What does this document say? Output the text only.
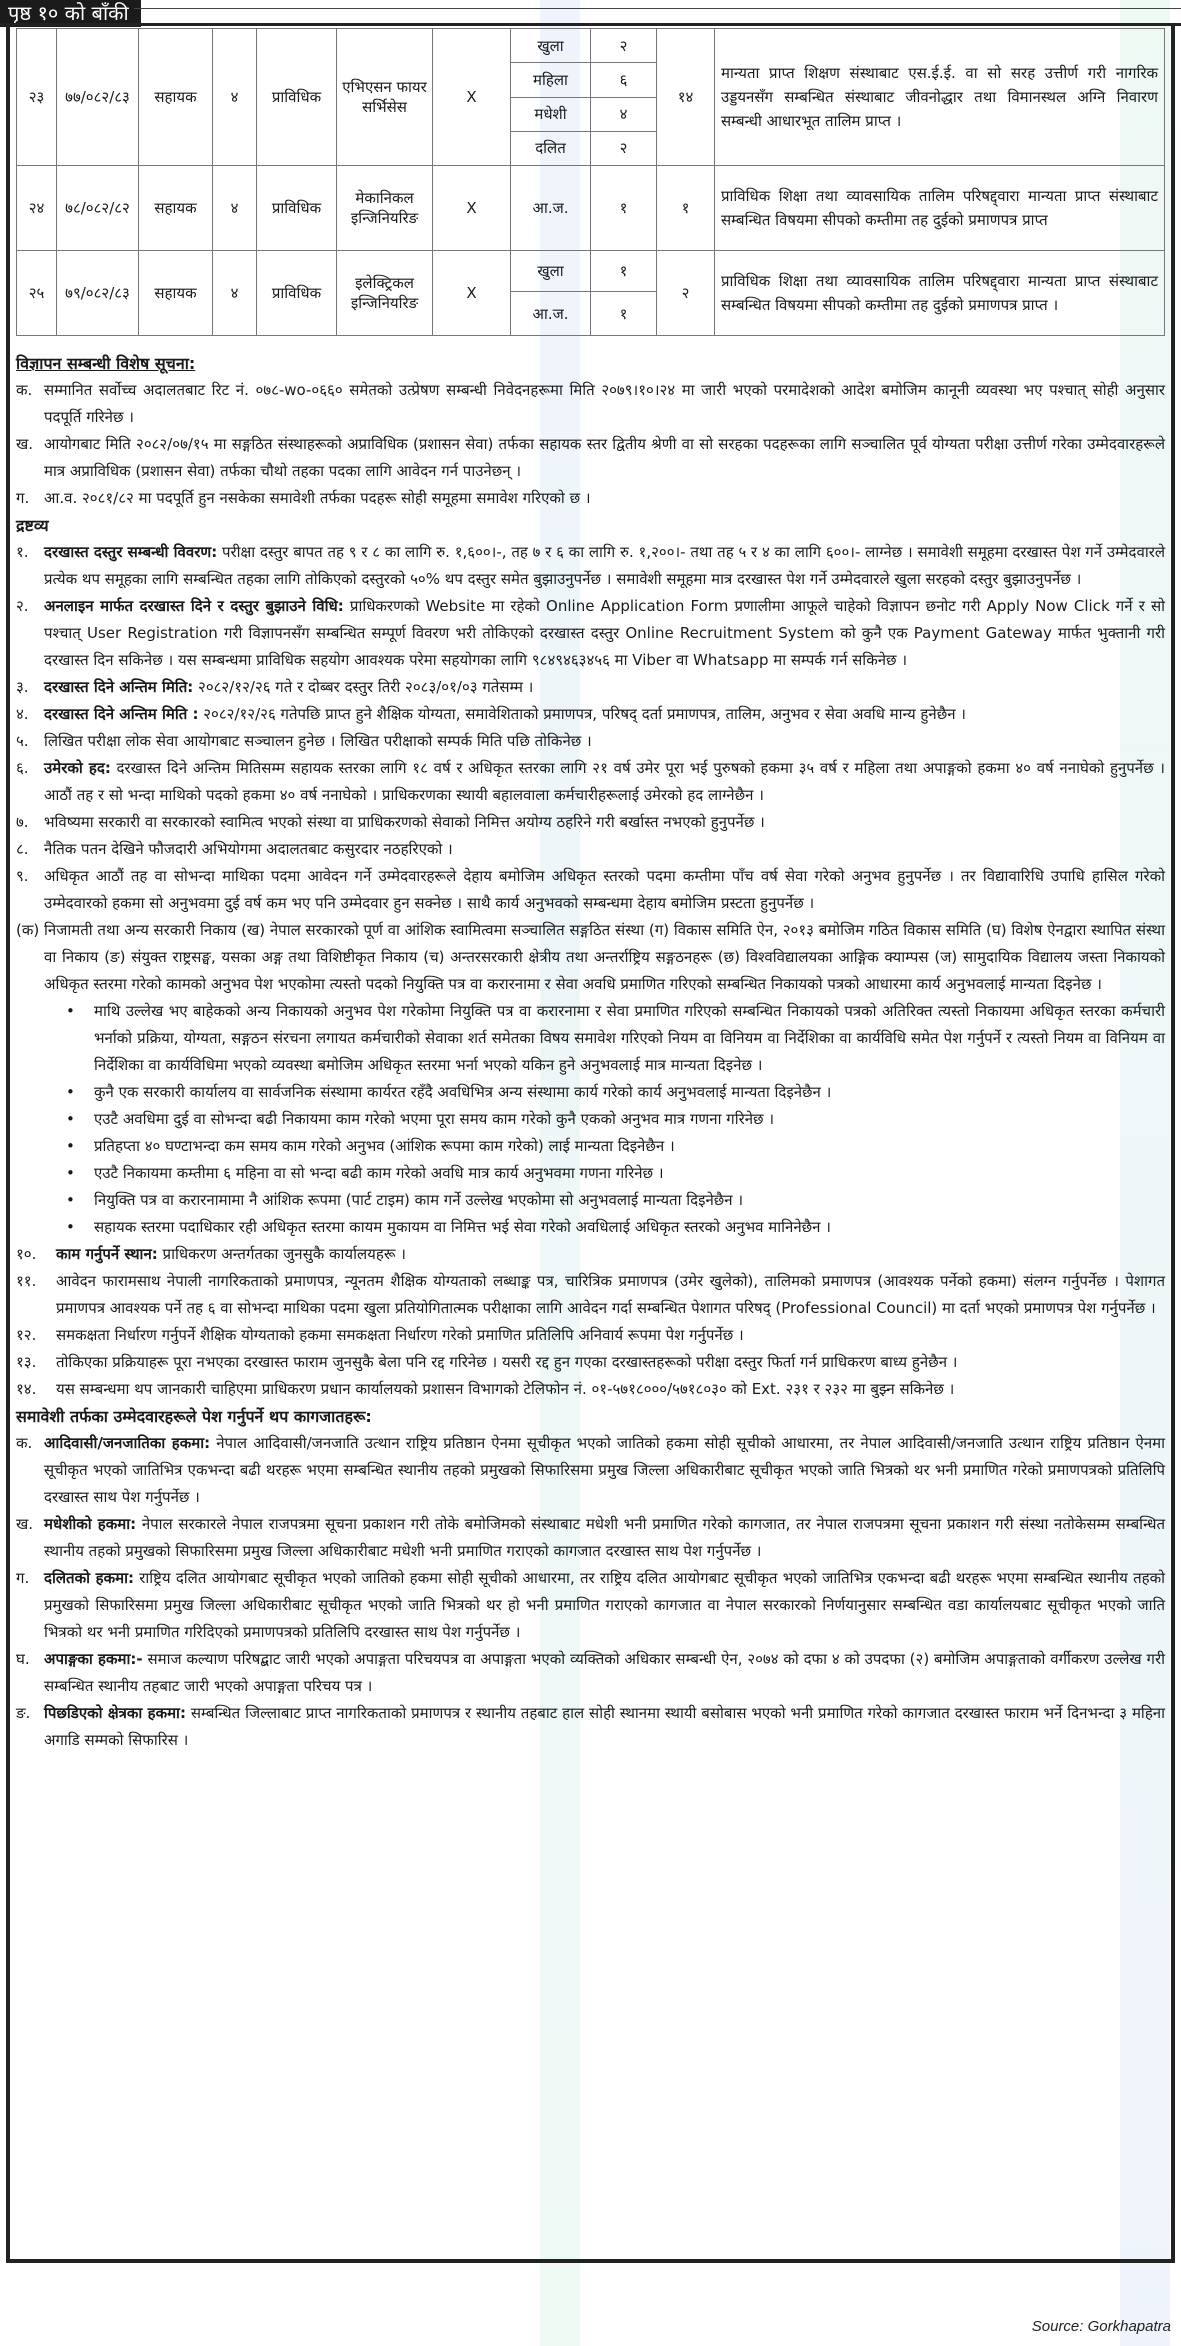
पृष्ठ १० को बाँकी
२३	७७/०८२/८३	सहायक	४	प्राविधिक	एभिएसन फायर सर्भिसेस	X	खुला	२	१४	मान्यता प्राप्त शिक्षण संस्थाबाट एस.ई.ई. वा सो सरह उत्तीर्ण गरी नागरिक उड्डयनसँग सम्बन्धित संस्थाबाट जीवनोद्धार तथा विमानस्थल अग्नि निवारण सम्बन्धी आधारभूत तालिम प्राप्त ।
							महिला	६		
							मधेशी	४		
							दलित	२		
२४	७८/०८२/८२	सहायक	४	प्राविधिक	मेकानिकल इन्जिनियरिङ	X	आ.ज.	१	१	प्राविधिक शिक्षा तथा व्यावसायिक तालिम परिषद्द्वारा मान्यता प्राप्त संस्थाबाट सम्बन्धित विषयमा सीपको कम्तीमा तह दुईको प्रमाणपत्र प्राप्त
२५	७९/०८२/८३	सहायक	४	प्राविधिक	इलेक्ट्रिकल इन्जिनियरिङ	X	खुला	१	२	प्राविधिक शिक्षा तथा व्यावसायिक तालिम परिषद्द्वारा मान्यता प्राप्त संस्थाबाट सम्बन्धित विषयमा सीपको कम्तीमा तह दुईको प्रमाणपत्र प्राप्त ।
							आ.ज.	१		
विज्ञापन सम्बन्धी विशेष सूचना:
क. सम्मानित सर्वोच्च अदालतबाट रिट नं. ०७८-wo-०६६० समेतको उत्प्रेषण सम्बन्धी निवेदनहरूमा मिति २०७९।१०।२४ मा जारी भएको परमादेशको आदेश बमोजिम कानूनी व्यवस्था भए पश्चात् सोही अनुसार पदपूर्ति गरिनेछ ।
ख. आयोगबाट मिति २०८२/०७/१५ मा सङ्गठित संस्थाहरूको अप्राविधिक (प्रशासन सेवा) तर्फका सहायक स्तर द्वितीय श्रेणी वा सो सरहका पदहरूका लागि सञ्चालित पूर्व योग्यता परीक्षा उत्तीर्ण गरेका उम्मेदवारहरूले मात्र अप्राविधिक (प्रशासन सेवा) तर्फका चौथो तहका पदका लागि आवेदन गर्न पाउनेछन् ।
ग. आ.व. २०८१/८२ मा पदपूर्ति हुन नसकेका समावेशी तर्फका पदहरू सोही समूहमा समावेश गरिएको छ ।
द्रष्टव्य
१.	दरखास्त दस्तुर सम्बन्धी विवरण: परीक्षा दस्तुर बापत तह ९ र ८ का लागि रु. १,६००।-, तह ७ र ६ का लागि रु. १,२००।- तथा तह ५ र ४ का लागि ६००।- लाग्नेछ । समावेशी समूहमा दरखास्त पेश गर्ने उम्मेदवारले प्रत्येक थप समूहका लागि सम्बन्धित तहका लागि तोकिएको दस्तुरको ५०% थप दस्तुर समेत बुझाउनुपर्नेछ । समावेशी समूहमा मात्र दरखास्त पेश गर्ने उम्मेदवारले खुला सरहको दस्तुर बुझाउनुपर्नेछ ।
२.	अनलाइन मार्फत दरखास्त दिने र दस्तुर बुझाउने विधि: प्राधिकरणको Website मा रहेको Online Application Form प्रणालीमा आफूले चाहेको विज्ञापन छनोट गरी Apply Now Click गर्ने र सो पश्चात् User Registration गरी विज्ञापनसँग सम्बन्धित सम्पूर्ण विवरण भरी तोकिएको दरखास्त दस्तुर Online Recruitment System को कुनै एक Payment Gateway मार्फत भुक्तानी गरी दरखास्त दिन सकिनेछ । यस सम्बन्धमा प्राविधिक सहयोग आवश्यक परेमा सहयोगका लागि ९८४९४६३४५६ मा Viber वा Whatsapp मा सम्पर्क गर्न सकिनेछ ।
३.	दरखास्त दिने अन्तिम मिति: २०८२/१२/२६ गते र दोब्बर दस्तुर तिरी २०८३/०१/०३ गतेसम्म ।
४.	दरखास्त दिने अन्तिम मिति : २०८२/१२/२६ गतेपछि प्राप्त हुने शैक्षिक योग्यता, समावेशिताको प्रमाणपत्र, परिषद् दर्ता प्रमाणपत्र, तालिम, अनुभव र सेवा अवधि मान्य हुनेछैन ।
५.	लिखित परीक्षा लोक सेवा आयोगबाट सञ्चालन हुनेछ । लिखित परीक्षाको सम्पर्क मिति पछि तोकिनेछ ।
६.	उमेरको हद: दरखास्त दिने अन्तिम मितिसम्म सहायक स्तरका लागि १८ वर्ष र अधिकृत स्तरका लागि २१ वर्ष उमेर पूरा भई पुरुषको हकमा ३५ वर्ष र महिला तथा अपाङ्गको हकमा ४० वर्ष ननाघेको हुनुपर्नेछ । आठौं तह र सो भन्दा माथिको पदको हकमा ४० वर्ष ननाघेको । प्राधिकरणका स्थायी बहालवाला कर्मचारीहरूलाई उमेरको हद लाग्नेछैन ।
७.	भविष्यमा सरकारी वा सरकारको स्वामित्व भएको संस्था वा प्राधिकरणको सेवाको निमित्त अयोग्य ठहरिने गरी बर्खास्त नभएको हुनुपर्नेछ ।
८.	नैतिक पतन देखिने फौजदारी अभियोगमा अदालतबाट कसुरदार नठहरिएको ।
९.	अधिकृत आठौं तह वा सोभन्दा माथिका पदमा आवेदन गर्ने उम्मेदवारहरूले देहाय बमोजिम अधिकृत स्तरको पदमा कम्तीमा पाँच वर्ष सेवा गरेको अनुभव हुनुपर्नेछ । तर विद्यावारिधि उपाधि हासिल गरेको उम्मेदवारको हकमा सो अनुभवमा दुई वर्ष कम भए पनि उम्मेदवार हुन सक्नेछ । साथै कार्य अनुभवको सम्बन्धमा देहाय बमोजिम प्रस्टता हुनुपर्नेछ ।
(क) निजामती तथा अन्य सरकारी निकाय (ख) नेपाल सरकारको पूर्ण वा आंशिक स्वामित्वमा सञ्चालित सङ्गठित संस्था (ग) विकास समिति ऐन, २०१३ बमोजिम गठित विकास समिति (घ) विशेष ऐनद्वारा स्थापित संस्था वा निकाय (ङ) संयुक्त राष्ट्रसङ्घ, यसका अङ्ग तथा विशिष्टीकृत निकाय (च) अन्तरसरकारी क्षेत्रीय तथा अन्तर्राष्ट्रिय सङ्गठनहरू (छ) विश्वविद्यालयका आङ्गिक क्याम्पस (ज) सामुदायिक विद्यालय जस्ता निकायको अधिकृत स्तरमा गरेको कामको अनुभव पेश भएकोमा त्यस्तो पदको नियुक्ति पत्र वा करारनामा र सेवा अवधि प्रमाणित गरिएको सम्बन्धित निकायको पत्रको आधारमा कार्य अनुभवलाई मान्यता दिइनेछ ।
•	माथि उल्लेख भए बाहेकको अन्य निकायको अनुभव पेश गरेकोमा नियुक्ति पत्र वा करारनामा र सेवा प्रमाणित गरिएको सम्बन्धित निकायको पत्रको अतिरिक्त त्यस्तो निकायमा अधिकृत स्तरका कर्मचारी भर्नाको प्रक्रिया, योग्यता, सङ्गठन संरचना लगायत कर्मचारीको सेवाका शर्त समेतका विषय समावेश गरिएको नियम वा विनियम वा निर्देशिका वा कार्यविधि समेत पेश गर्नुपर्ने र त्यस्तो नियम वा विनियम वा निर्देशिका वा कार्यविधिमा भएको व्यवस्था बमोजिम अधिकृत स्तरमा भर्ना भएको यकिन हुने अनुभवलाई मात्र मान्यता दिइनेछ ।
•	कुनै एक सरकारी कार्यालय वा सार्वजनिक संस्थामा कार्यरत रहँदै अवधिभित्र अन्य संस्थामा कार्य गरेको कार्य अनुभवलाई मान्यता दिइनेछैन ।
•	एउटै अवधिमा दुई वा सोभन्दा बढी निकायमा काम गरेको भएमा पूरा समय काम गरेको कुनै एकको अनुभव मात्र गणना गरिनेछ ।
•	प्रतिहप्ता ४० घण्टाभन्दा कम समय काम गरेको अनुभव (आंशिक रूपमा काम गरेको) लाई मान्यता दिइनेछैन ।
•	एउटै निकायमा कम्तीमा ६ महिना वा सो भन्दा बढी काम गरेको अवधि मात्र कार्य अनुभवमा गणना गरिनेछ ।
•	नियुक्ति पत्र वा करारनामामा नै आंशिक रूपमा (पार्ट टाइम) काम गर्ने उल्लेख भएकोमा सो अनुभवलाई मान्यता दिइनेछैन ।
•	सहायक स्तरमा पदाधिकार रही अधिकृत स्तरमा कायम मुकायम वा निमित्त भई सेवा गरेको अवधिलाई अधिकृत स्तरको अनुभव मानिनेछैन ।
१०.	काम गर्नुपर्ने स्थान: प्राधिकरण अन्तर्गतका जुनसुकै कार्यालयहरू ।
११.	आवेदन फारामसाथ नेपाली नागरिकताको प्रमाणपत्र, न्यूनतम शैक्षिक योग्यताको लब्धाङ्क पत्र, चारित्रिक प्रमाणपत्र (उमेर खुलेको), तालिमको प्रमाणपत्र (आवश्यक पर्नेको हकमा) संलग्न गर्नुपर्नेछ । पेशागत प्रमाणपत्र आवश्यक पर्ने तह ६ वा सोभन्दा माथिका पदमा खुला प्रतियोगितात्मक परीक्षाका लागि आवेदन गर्दा सम्बन्धित पेशागत परिषद् (Professional Council) मा दर्ता भएको प्रमाणपत्र पेश गर्नुपर्नेछ ।
१२.	समकक्षता निर्धारण गर्नुपर्ने शैक्षिक योग्यताको हकमा समकक्षता निर्धारण गरेको प्रमाणित प्रतिलिपि अनिवार्य रूपमा पेश गर्नुपर्नेछ ।
१३.	तोकिएका प्रक्रियाहरू पूरा नभएका दरखास्त फाराम जुनसुकै बेला पनि रद्द गरिनेछ । यसरी रद्द हुन गएका दरखास्तहरूको परीक्षा दस्तुर फिर्ता गर्न प्राधिकरण बाध्य हुनेछैन ।
१४.	यस सम्बन्धमा थप जानकारी चाहिएमा प्राधिकरण प्रधान कार्यालयको प्रशासन विभागको टेलिफोन नं. ०१-५७१८०००/५७१८०३० को Ext. २३१ र २३२ मा बुझ्न सकिनेछ ।
समावेशी तर्फका उम्मेदवारहरूले पेश गर्नुपर्ने थप कागजातहरू:
क. आदिवासी/जनजातिका हकमा: नेपाल आदिवासी/जनजाति उत्थान राष्ट्रिय प्रतिष्ठान ऐनमा सूचीकृत भएको जातिको हकमा सोही सूचीको आधारमा, तर नेपाल आदिवासी/जनजाति उत्थान राष्ट्रिय प्रतिष्ठान ऐनमा सूचीकृत भएको जातिभित्र एकभन्दा बढी थरहरू भएमा सम्बन्धित स्थानीय तहको प्रमुखको सिफारिसमा प्रमुख जिल्ला अधिकारीबाट सूचीकृत भएको जाति भित्रको थर भनी प्रमाणित गरेको प्रमाणपत्रको प्रतिलिपि दरखास्त साथ पेश गर्नुपर्नेछ ।
ख. मधेशीको हकमा: नेपाल सरकारले नेपाल राजपत्रमा सूचना प्रकाशन गरी तोके बमोजिमको संस्थाबाट मधेशी भनी प्रमाणित गरेको कागजात, तर नेपाल राजपत्रमा सूचना प्रकाशन गरी संस्था नतोकेसम्म सम्बन्धित स्थानीय तहको प्रमुखको सिफारिसमा प्रमुख जिल्ला अधिकारीबाट मधेशी भनी प्रमाणित गराएको कागजात दरखास्त साथ पेश गर्नुपर्नेछ ।
ग. दलितको हकमा: राष्ट्रिय दलित आयोगबाट सूचीकृत भएको जातिको हकमा सोही सूचीको आधारमा, तर राष्ट्रिय दलित आयोगबाट सूचीकृत भएको जातिभित्र एकभन्दा बढी थरहरू भएमा सम्बन्धित स्थानीय तहको प्रमुखको सिफारिसमा प्रमुख जिल्ला अधिकारीबाट सूचीकृत भएको जाति भित्रको थर हो भनी प्रमाणित गराएको कागजात वा नेपाल सरकारको निर्णयानुसार सम्बन्धित वडा कार्यालयबाट सूचीकृत भएको जाति भित्रको थर भनी प्रमाणित गरिदिएको प्रमाणपत्रको प्रतिलिपि दरखास्त साथ पेश गर्नुपर्नेछ ।
घ. अपाङ्गका हकमा:- समाज कल्याण परिषद्बाट जारी भएको अपाङ्गता परिचयपत्र वा अपाङ्गता भएको व्यक्तिको अधिकार सम्बन्धी ऐन, २०७४ को दफा ४ को उपदफा (२) बमोजिम अपाङ्गताको वर्गीकरण उल्लेख गरी सम्बन्धित स्थानीय तहबाट जारी भएको अपाङ्गता परिचय पत्र ।
ङ. पिछडिएको क्षेत्रका हकमा: सम्बन्धित जिल्लाबाट प्राप्त नागरिकताको प्रमाणपत्र र स्थानीय तहबाट हाल सोही स्थानमा स्थायी बसोबास भएको भनी प्रमाणित गरेको कागजात दरखास्त फाराम भर्ने दिनभन्दा ३ महिना अगाडि सम्मको सिफारिस ।
Source: Gorkhapatra
